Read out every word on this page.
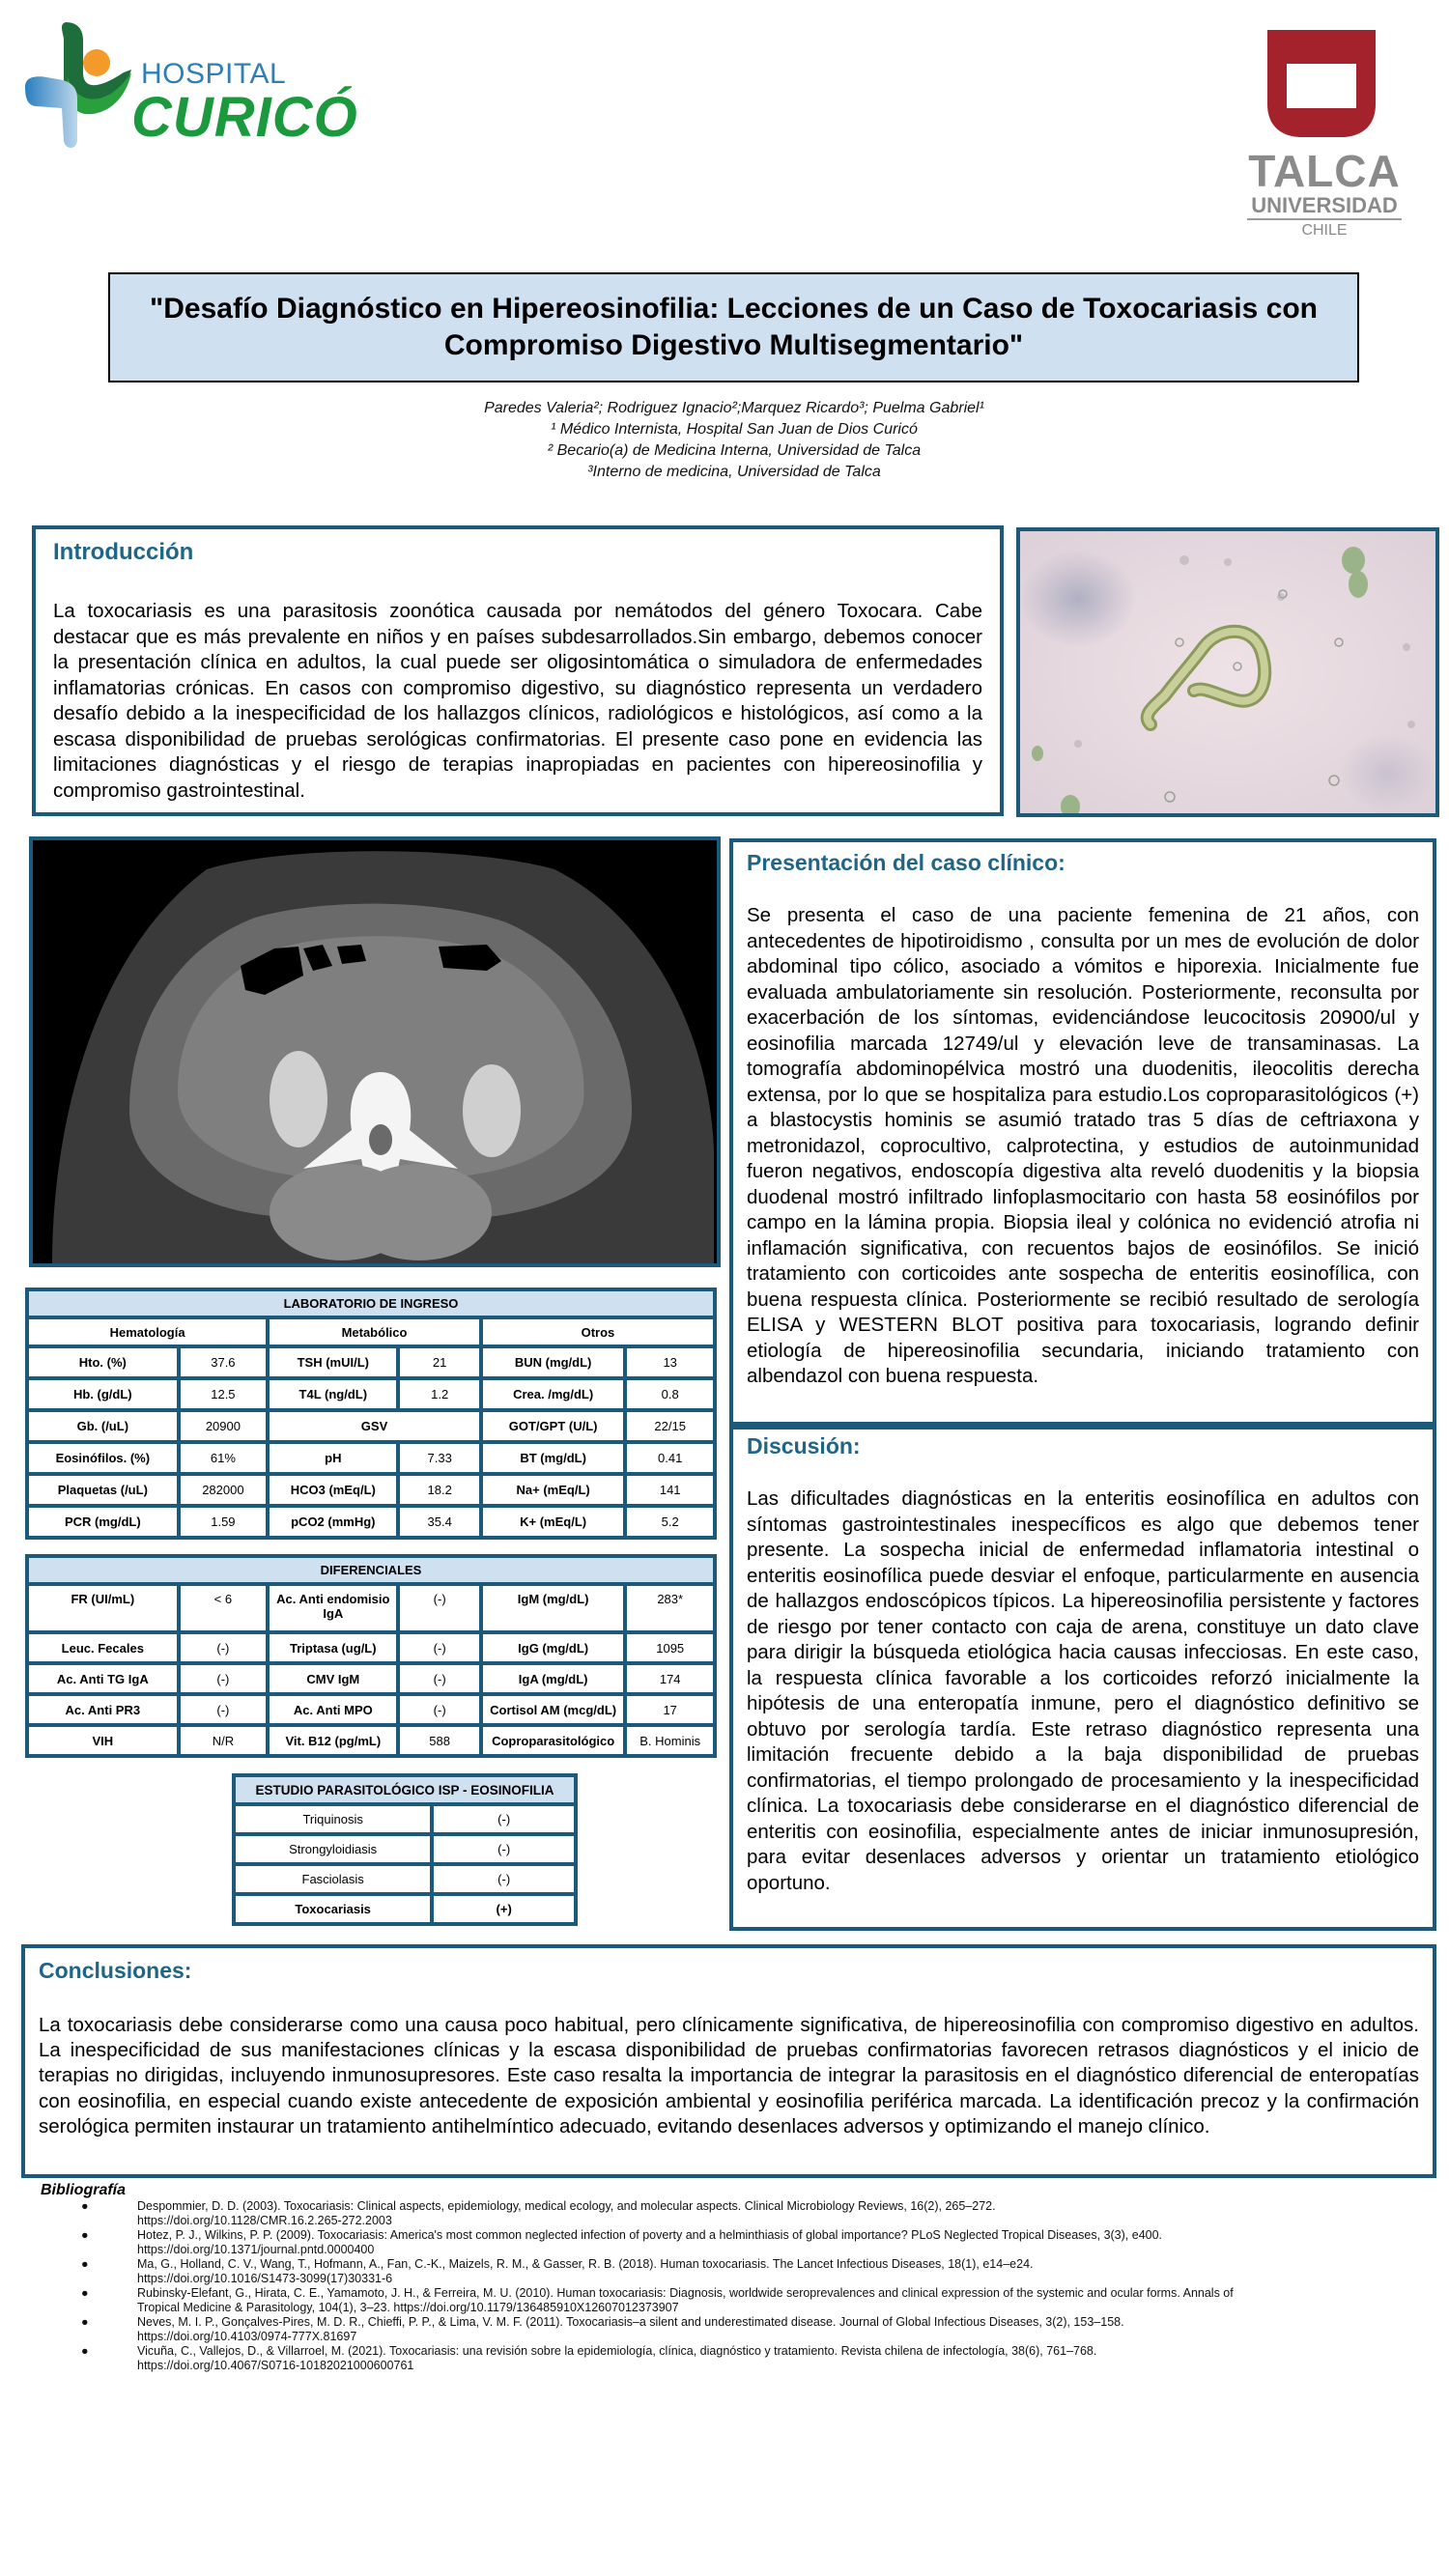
HOSPITAL
CURICÓ
TALCA
UNIVERSIDAD
CHILE
"Desafío Diagnóstico en Hipereosinofilia: Lecciones de un Caso de Toxocariasis con Compromiso Digestivo Multisegmentario"
Paredes Valeria²; Rodriguez Ignacio²;Marquez Ricardo³; Puelma Gabriel¹
¹ Médico Internista, Hospital San Juan de Dios Curicó
² Becario(a) de Medicina Interna, Universidad de Talca
³Interno de medicina, Universidad de Talca
Introducción
La toxocariasis es una parasitosis zoonótica causada por nemátodos del género Toxocara. Cabe destacar que es más prevalente en niños y en países subdesarrollados.Sin embargo, debemos conocer la presentación clínica en adultos, la cual puede ser oligosintomática o simuladora de enfermedades inflamatorias crónicas. En casos con compromiso digestivo, su diagnóstico representa un verdadero desafío debido a la inespecificidad de los hallazgos clínicos, radiológicos e histológicos, así como a la escasa disponibilidad de pruebas serológicas confirmatorias. El presente caso pone en evidencia las limitaciones diagnósticas y el riesgo de terapias inapropiadas en pacientes con hipereosinofilia y compromiso gastrointestinal.
Presentación del caso clínico:
Se presenta el caso de una paciente femenina de 21 años, con antecedentes de hipotiroidismo , consulta por un mes de evolución de dolor abdominal tipo cólico, asociado a vómitos e hiporexia. Inicialmente fue evaluada ambulatoriamente sin resolución. Posteriormente, reconsulta por exacerbación de los síntomas, evidenciándose leucocitosis 20900/ul y eosinofilia marcada 12749/ul y elevación leve de transaminasas. La tomografía abdominopélvica mostró una duodenitis, ileocolitis derecha extensa, por lo que se hospitaliza para estudio.Los coproparasitológicos (+) a blastocystis hominis se asumió tratado tras 5 días de ceftriaxona y metronidazol, coprocultivo, calprotectina, y estudios de autoinmunidad fueron negativos, endoscopía digestiva alta reveló duodenitis y la biopsia duodenal mostró infiltrado linfoplasmocitario con hasta 58 eosinófilos por campo en la lámina propia. Biopsia ileal y colónica no evidenció atrofia ni inflamación significativa, con recuentos bajos de eosinófilos. Se inició tratamiento con corticoides ante sospecha de enteritis eosinofílica, con buena respuesta clínica. Posteriormente se recibió resultado de serología ELISA y WESTERN BLOT positiva para toxocariasis, logrando definir etiología de hipereosinofilia secundaria, iniciando tratamiento con albendazol con buena respuesta.
Discusión:
Las dificultades diagnósticas en la enteritis eosinofílica en adultos con síntomas gastrointestinales inespecíficos es algo que debemos tener presente. La sospecha inicial de enfermedad inflamatoria intestinal o enteritis eosinofílica puede desviar el enfoque, particularmente en ausencia de hallazgos endoscópicos típicos. La hipereosinofilia persistente y factores de riesgo por tener contacto con caja de arena, constituye un dato clave para dirigir la búsqueda etiológica hacia causas infecciosas. En este caso, la respuesta clínica favorable a los corticoides reforzó inicialmente la hipótesis de una enteropatía inmune, pero el diagnóstico definitivo se obtuvo por serología tardía. Este retraso diagnóstico representa una limitación frecuente debido a la baja disponibilidad de pruebas confirmatorias, el tiempo prolongado de procesamiento y la inespecificidad clínica. La toxocariasis debe considerarse en el diagnóstico diferencial de enteritis con eosinofilia, especialmente antes de iniciar inmunosupresión, para evitar desenlaces adversos y orientar un tratamiento etiológico oportuno.
LABORATORIO DE INGRESO					
Hematología		Metabólico		Otros	
Hto. (%)	37.6	TSH (mUI/L)	21	BUN (mg/dL)	13
Hb. (g/dL)	12.5	T4L (ng/dL)	1.2	Crea. /mg/dL)	0.8
Gb. (/uL)	20900	GSV		GOT/GPT (U/L)	22/15
Eosinófilos. (%)	61%	pH	7.33	BT (mg/dL)	0.41
Plaquetas (/uL)	282000	HCO3 (mEq/L)	18.2	Na+ (mEq/L)	141
PCR (mg/dL)	1.59	pCO2 (mmHg)	35.4	K+ (mEq/L)	5.2
DIFERENCIALES					
FR (UI/mL)	< 6	Ac. Anti endomisio IgA	(-)	IgM (mg/dL)	283*
Leuc. Fecales	(-)	Triptasa (ug/L)	(-)	IgG (mg/dL)	1095
Ac. Anti TG IgA	(-)	CMV IgM	(-)	IgA (mg/dL)	174
Ac. Anti PR3	(-)	Ac. Anti MPO	(-)	Cortisol AM (mcg/dL)	17
VIH	N/R	Vit. B12 (pg/mL)	588	Coproparasitológico	B. Hominis
ESTUDIO PARASITOLÓGICO ISP - EOSINOFILIA	
Triquinosis	(-)
Strongyloidiasis	(-)
Fasciolasis	(-)
Toxocariasis	(+)
Conclusiones:
La toxocariasis debe considerarse como una causa poco habitual, pero clínicamente significativa, de hipereosinofilia con compromiso digestivo en adultos. La inespecificidad de sus manifestaciones clínicas y la escasa disponibilidad de pruebas confirmatorias favorecen retrasos diagnósticos y el inicio de terapias no dirigidas, incluyendo inmunosupresores. Este caso resalta la importancia de integrar la parasitosis en el diagnóstico diferencial de enteropatías con eosinofilia, en especial cuando existe antecedente de exposición ambiental y eosinofilia periférica marcada. La identificación precoz y la confirmación serológica permiten instaurar un tratamiento antihelmíntico adecuado, evitando desenlaces adversos y optimizando el manejo clínico.
Bibliografía
●	Despommier, D. D. (2003). Toxocariasis: Clinical aspects, epidemiology, medical ecology, and molecular aspects. Clinical Microbiology Reviews, 16(2), 265–272.
https://doi.org/10.1128/CMR.16.2.265-272.2003
●	Hotez, P. J., Wilkins, P. P. (2009). Toxocariasis: America's most common neglected infection of poverty and a helminthiasis of global importance? PLoS Neglected Tropical Diseases, 3(3), e400.
https://doi.org/10.1371/journal.pntd.0000400
●	Ma, G., Holland, C. V., Wang, T., Hofmann, A., Fan, C.-K., Maizels, R. M., & Gasser, R. B. (2018). Human toxocariasis. The Lancet Infectious Diseases, 18(1), e14–e24.
https://doi.org/10.1016/S1473-3099(17)30331-6
●	Rubinsky-Elefant, G., Hirata, C. E., Yamamoto, J. H., & Ferreira, M. U. (2010). Human toxocariasis: Diagnosis, worldwide seroprevalences and clinical expression of the systemic and ocular forms. Annals of
Tropical Medicine & Parasitology, 104(1), 3–23. https://doi.org/10.1179/136485910X12607012373907
●	Neves, M. I. P., Gonçalves-Pires, M. D. R., Chieffi, P. P., & Lima, V. M. F. (2011). Toxocariasis–a silent and underestimated disease. Journal of Global Infectious Diseases, 3(2), 153–158.
https://doi.org/10.4103/0974-777X.81697
●	Vicuña, C., Vallejos, D., & Villarroel, M. (2021). Toxocariasis: una revisión sobre la epidemiología, clínica, diagnóstico y tratamiento. Revista chilena de infectología, 38(6), 761–768.
https://doi.org/10.4067/S0716-10182021000600761
